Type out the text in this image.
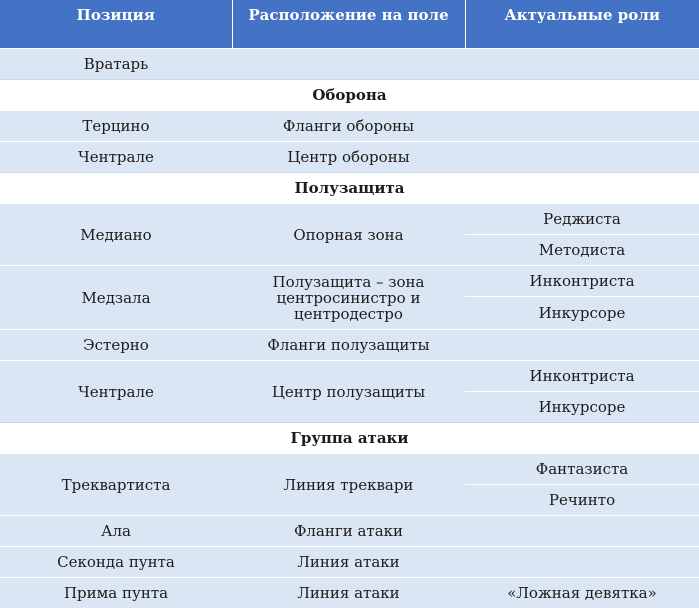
Позиция	Расположение на поле	Актуальные роли
Вратарь		
Оборона		
Терцино	Фланги обороны	
Чентрале	Центр обороны	
Полузащита		
Медиано	Опорная зона	Реджиста
		Методиста
Медзала	Полузащита – зона центросинистро и центродестро	Инконтриста
		Инкурсоре
Эстерно	Фланги полузащиты	
Чентрале	Центр полузащиты	Инконтриста
		Инкурсоре
Группа атаки		
Треквартиста	Линия треквари	Фантазиста
		Речинто
Ала	Фланги атаки	
Секонда пунта	Линия атаки	
Прима пунта	Линия атаки	«Ложная девятка»
